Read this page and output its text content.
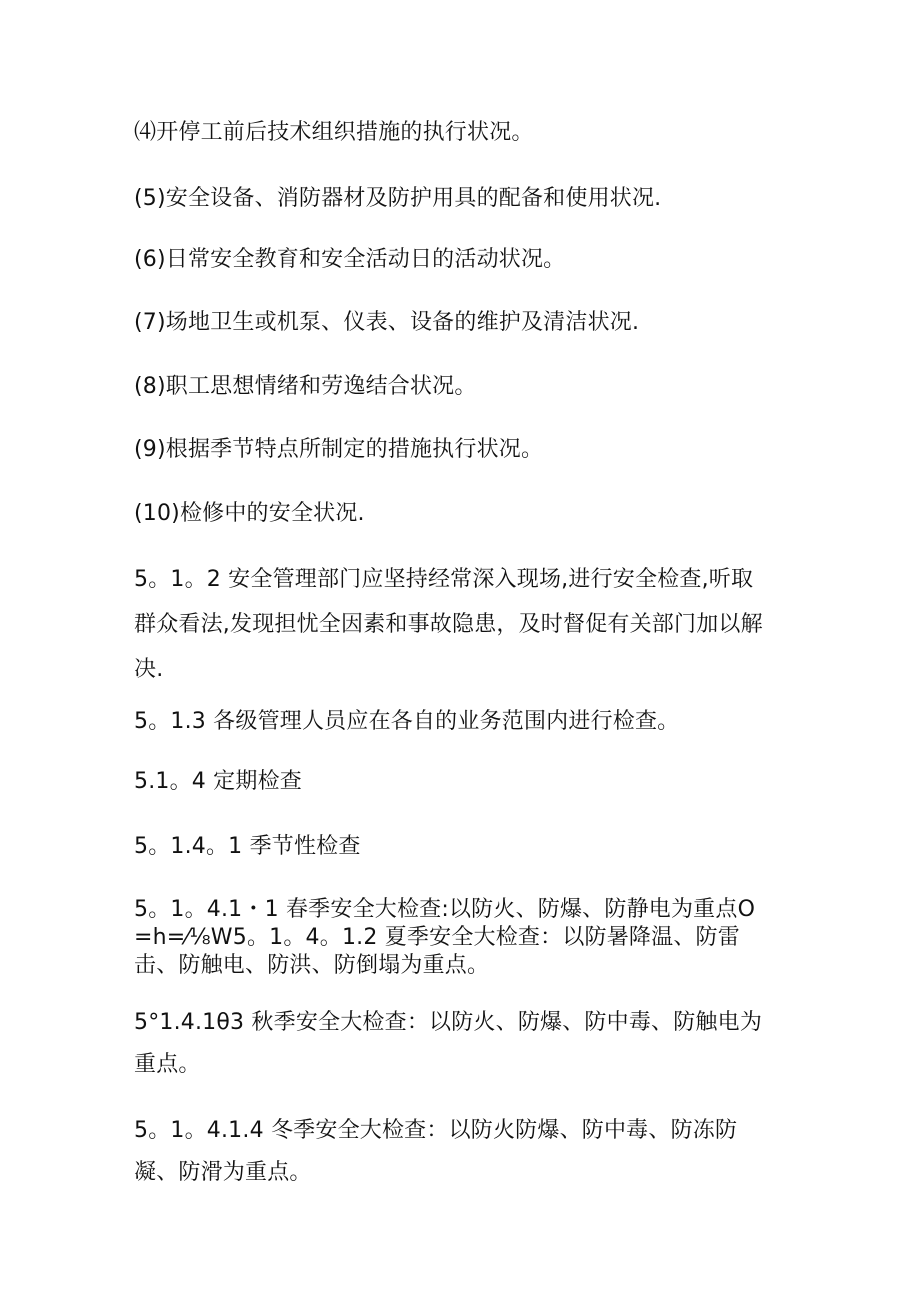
⑷开停工前后技术组织措施的执行状况。
(5)安全设备、消防器材及防护用具的配备和使用状况.
(6)日常安全教育和安全活动日的活动状况。
(7)场地卫生或机泵、仪表、设备的维护及清洁状况.
(8)职工思想情绪和劳逸结合状况。
(9)根据季节特点所制定的措施执行状况。
(10)检修中的安全状况.
5。1。2 安全管理部门应坚持经常深入现场,进行安全检查,听取
群众看法,发现担忧全因素和事故隐患，及时督促有关部门加以解
决.
5。1.3 各级管理人员应在各自的业务范围内进行检查。
5.1。4 定期检查
5。1.4。1 季节性检查
5。1。4.1・1 春季安全大检查:以防火、防爆、防静电为重点O
=h=⁄⅛W5。1。4。1.2 夏季安全大检查：以防暑降温、防雷
击、防触电、防洪、防倒塌为重点。
5°1.4.1θ3 秋季安全大检查：以防火、防爆、防中毒、防触电为
重点。
5。1。4.1.4 冬季安全大检查：以防火防爆、防中毒、防冻防
凝、防滑为重点。
